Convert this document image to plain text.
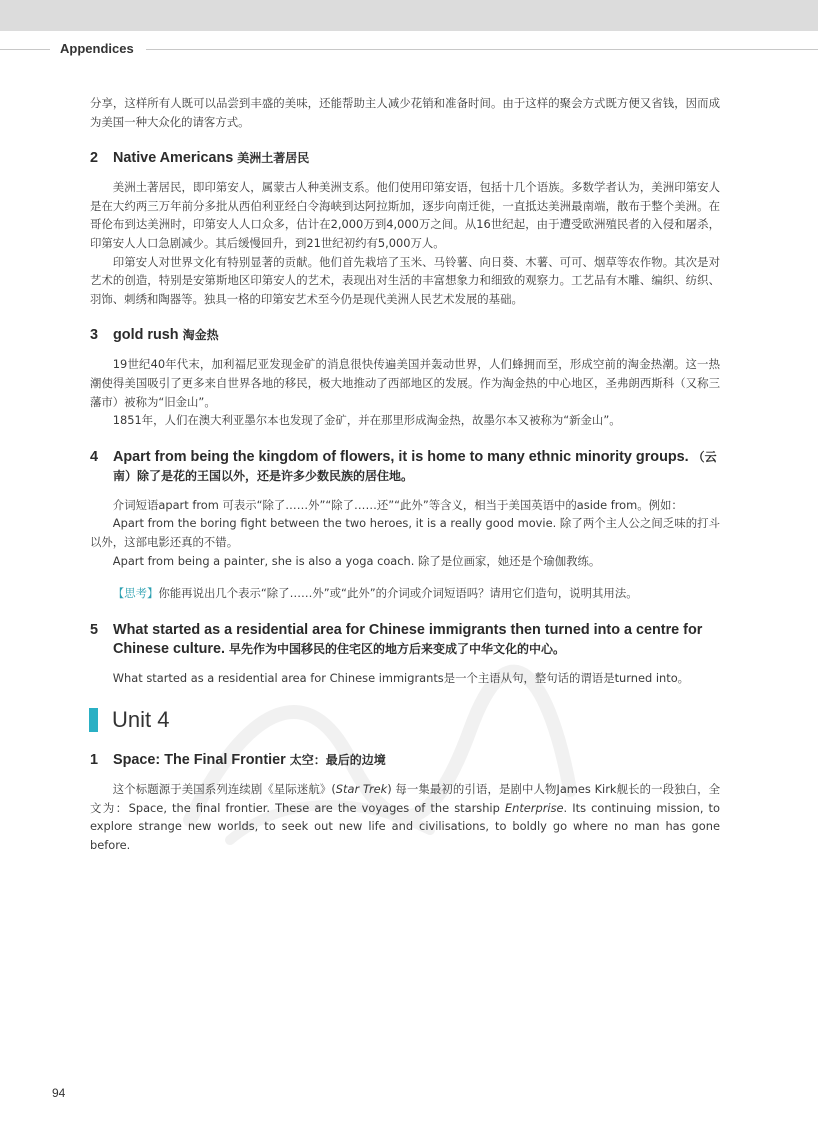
Appendices

分享，这样所有人既可以品尝到丰盛的美味，还能帮助主人减少花销和准备时间。由于这样的聚会方式既方便又省钱，因而成为美国一种大众化的请客方式。

2 Native Americans 美洲土著居民

美洲土著居民，即印第安人，属蒙古人种美洲支系。他们使用印第安语，包括十几个语族。多数学者认为，美洲印第安人是在大约两三万年前分多批从西伯利亚经白令海峡到达阿拉斯加，逐步向南迁徙，一直抵达美洲最南端，散布于整个美洲。在哥伦布到达美洲时，印第安人人口众多，估计在2,000万到4,000万之间。从16世纪起，由于遭受欧洲殖民者的入侵和屠杀，印第安人人口急剧减少。其后缓慢回升，到21世纪初约有5,000万人。

印第安人对世界文化有特别显著的贡献。他们首先栽培了玉米、马铃薯、向日葵、木薯、可可、烟草等农作物。其次是对艺术的创造，特别是安第斯地区印第安人的艺术，表现出对生活的丰富想象力和细致的观察力。工艺品有木雕、编织、纺织、羽饰、刺绣和陶器等。独具一格的印第安艺术至今仍是现代美洲人民艺术发展的基础。

3 gold rush 淘金热

19世纪40年代末，加利福尼亚发现金矿的消息很快传遍美国并轰动世界，人们蜂拥而至，形成空前的淘金热潮。这一热潮使得美国吸引了更多来自世界各地的移民，极大地推动了西部地区的发展。作为淘金热的中心地区，圣弗朗西斯科（又称三藩市）被称为“旧金山”。

1851年，人们在澳大利亚墨尔本也发现了金矿，并在那里形成淘金热，故墨尔本又被称为“新金山”。

4 Apart from being the kingdom of flowers, it is home to many ethnic minority groups. （云南）除了是花的王国以外，还是许多少数民族的居住地。

介词短语apart from 可表示“除了……外”“除了……还”“此外”等含义，相当于美国英语中的aside from。例如：

Apart from the boring fight between the two heroes, it is a really good movie. 除了两个主人公之间乏味的打斗以外，这部电影还真的不错。

Apart from being a painter, she is also a yoga coach. 除了是位画家，她还是个瑜伽教练。

【思考】你能再说出几个表示“除了……外”或“此外”的介词或介词短语吗？请用它们造句，说明其用法。

5 What started as a residential area for Chinese immigrants then turned into a centre for Chinese culture. 早先作为中国移民的住宅区的地方后来变成了中华文化的中心。

What started as a residential area for Chinese immigrants是一个主语从句，整句话的谓语是turned into。

Unit 4
1 Space: The Final Frontier 太空：最后的边境

这个标题源于美国系列连续剧《星际迷航》(Star Trek) 每一集最初的引语，是剧中人物James Kirk舰长的一段独白，全文为：Space, the final frontier. These are the voyages of the starship Enterprise. Its continuing mission, to explore strange new worlds, to seek out new life and civilisations, to boldly go where no man has gone before.

94
